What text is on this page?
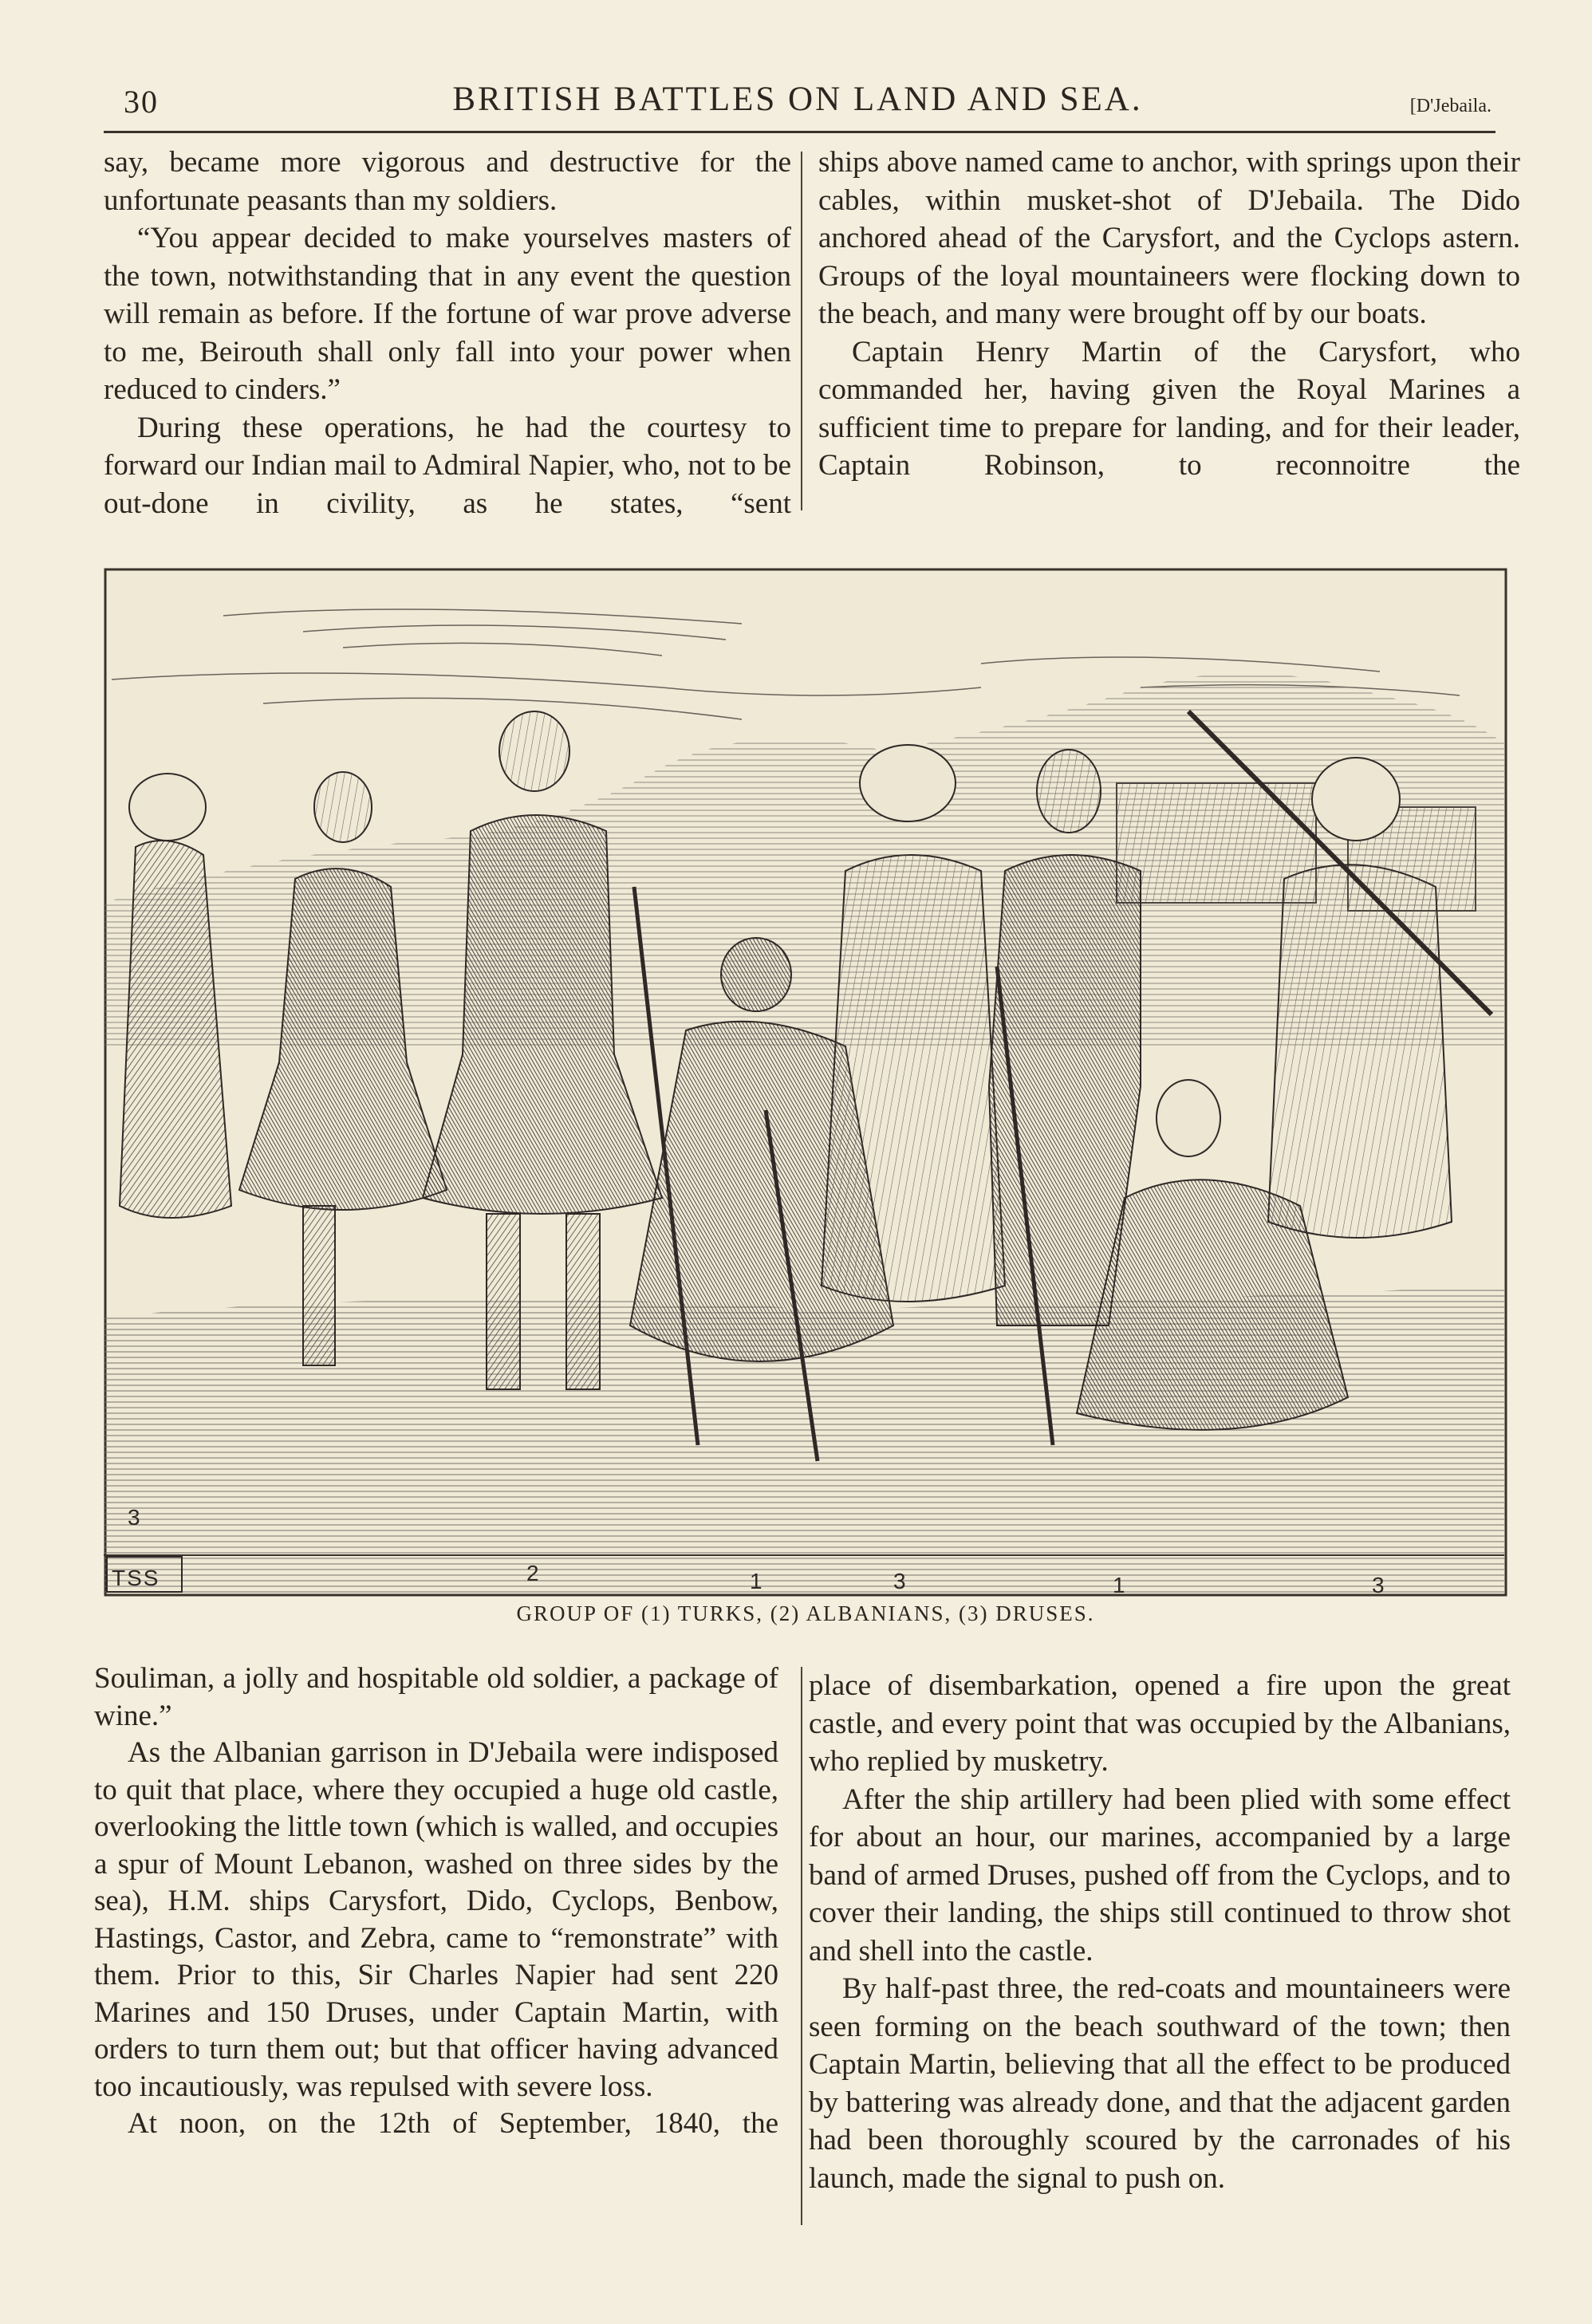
30	BRITISH BATTLES ON LAND AND SEA.	[D'Jebaila.

say, became more vigorous and destructive for the unfortunate peasants than my soldiers.

“You appear decided to make yourselves masters of the town, notwithstanding that in any event the question will remain as before. If the fortune of war prove adverse to me, Beirouth shall only fall into your power when reduced to cinders.”

During these operations, he had the courtesy to forward our Indian mail to Admiral Napier, who, not to be out-done in civility, as he states, “sent

ships above named came to anchor, with springs upon their cables, within musket-shot of D'Jebaila. The Dido anchored ahead of the Carysfort, and the Cyclops astern. Groups of the loyal mountaineers were flocking down to the beach, and many were brought off by our boats.

Captain Henry Martin of the Carysfort, who commanded her, having given the Royal Marines a sufficient time to prepare for landing, and for their leader, Captain Robinson, to reconnoitre the

3
2	1	3	1	3
TSS
GROUP OF (1) TURKS, (2) ALBANIANS, (3) DRUSES.

Souliman, a jolly and hospitable old soldier, a package of wine.”

As the Albanian garrison in D'Jebaila were indisposed to quit that place, where they occupied a huge old castle, overlooking the little town (which is walled, and occupies a spur of Mount Lebanon, washed on three sides by the sea), H.M. ships Carysfort, Dido, Cyclops, Benbow, Hastings, Castor, and Zebra, came to “remonstrate” with them. Prior to this, Sir Charles Napier had sent 220 Marines and 150 Druses, under Captain Martin, with orders to turn them out; but that officer having advanced too incautiously, was repulsed with severe loss.

At noon, on the 12th of September, 1840, the

place of disembarkation, opened a fire upon the great castle, and every point that was occupied by the Albanians, who replied by musketry.

After the ship artillery had been plied with some effect for about an hour, our marines, accompanied by a large band of armed Druses, pushed off from the Cyclops, and to cover their landing, the ships still continued to throw shot and shell into the castle.

By half-past three, the red-coats and mountaineers were seen forming on the beach southward of the town; then Captain Martin, believing that all the effect to be produced by battering was already done, and that the adjacent garden had been thoroughly scoured by the carronades of his launch, made the signal to push on.
